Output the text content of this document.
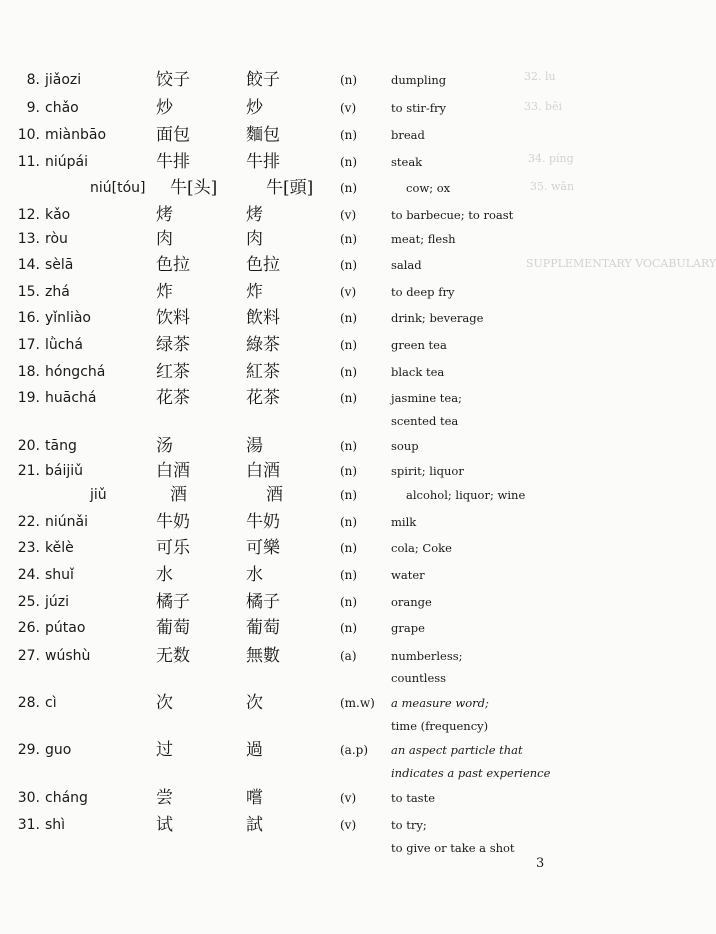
32. lu
33. bēi
34. píng
35. wǎn
SUPPLEMENTARY VOCABULARY
8. jiǎozi	饺子	餃子	(n)	dumpling
9. chǎo	炒	炒	(v)	to stir-fry
10. miànbāo	面包	麵包	(n)	bread
11. niúpái	牛排	牛排	(n)	steak
niú[tóu] 牛[头]	牛[頭] (n)	cow; ox
12. kǎo	烤	烤	(v)	to barbecue; to roast
13. ròu	肉	肉	(n)	meat; flesh
14. sèlā	色拉	色拉	(n)	salad
15. zhá	炸	炸	(v)	to deep fry
16. yǐnliào	饮料	飲料	(n)	drink; beverage
17. lǜchá	绿茶	綠茶	(n)	green tea
18. hóngchá	红茶	紅茶	(n)	black tea
19. huāchá	花茶	花茶	(n)	jasmine tea;
scented tea
20. tāng	汤	湯	(n)	soup
21. báijiǔ	白酒	白酒	(n)	spirit; liquor
jiǔ	酒	酒	(n)	alcohol; liquor; wine
22. niúnǎi	牛奶	牛奶	(n)	milk
23. kělè	可乐	可樂	(n)	cola; Coke
24. shuǐ	水	水	(n)	water
25. júzi	橘子	橘子	(n)	orange
26. pútao	葡萄	葡萄	(n)	grape
27. wúshù	无数	無數	(a)	numberless;
countless
28. cì	次	次	(m.w) a measure word;
time (frequency)
29. guo	过	過	(a.p) an aspect particle that
indicates a past experience
30. cháng	尝	嚐	(v)	to taste
31. shì	试	試	(v)	to try;
to give or take a shot
3
